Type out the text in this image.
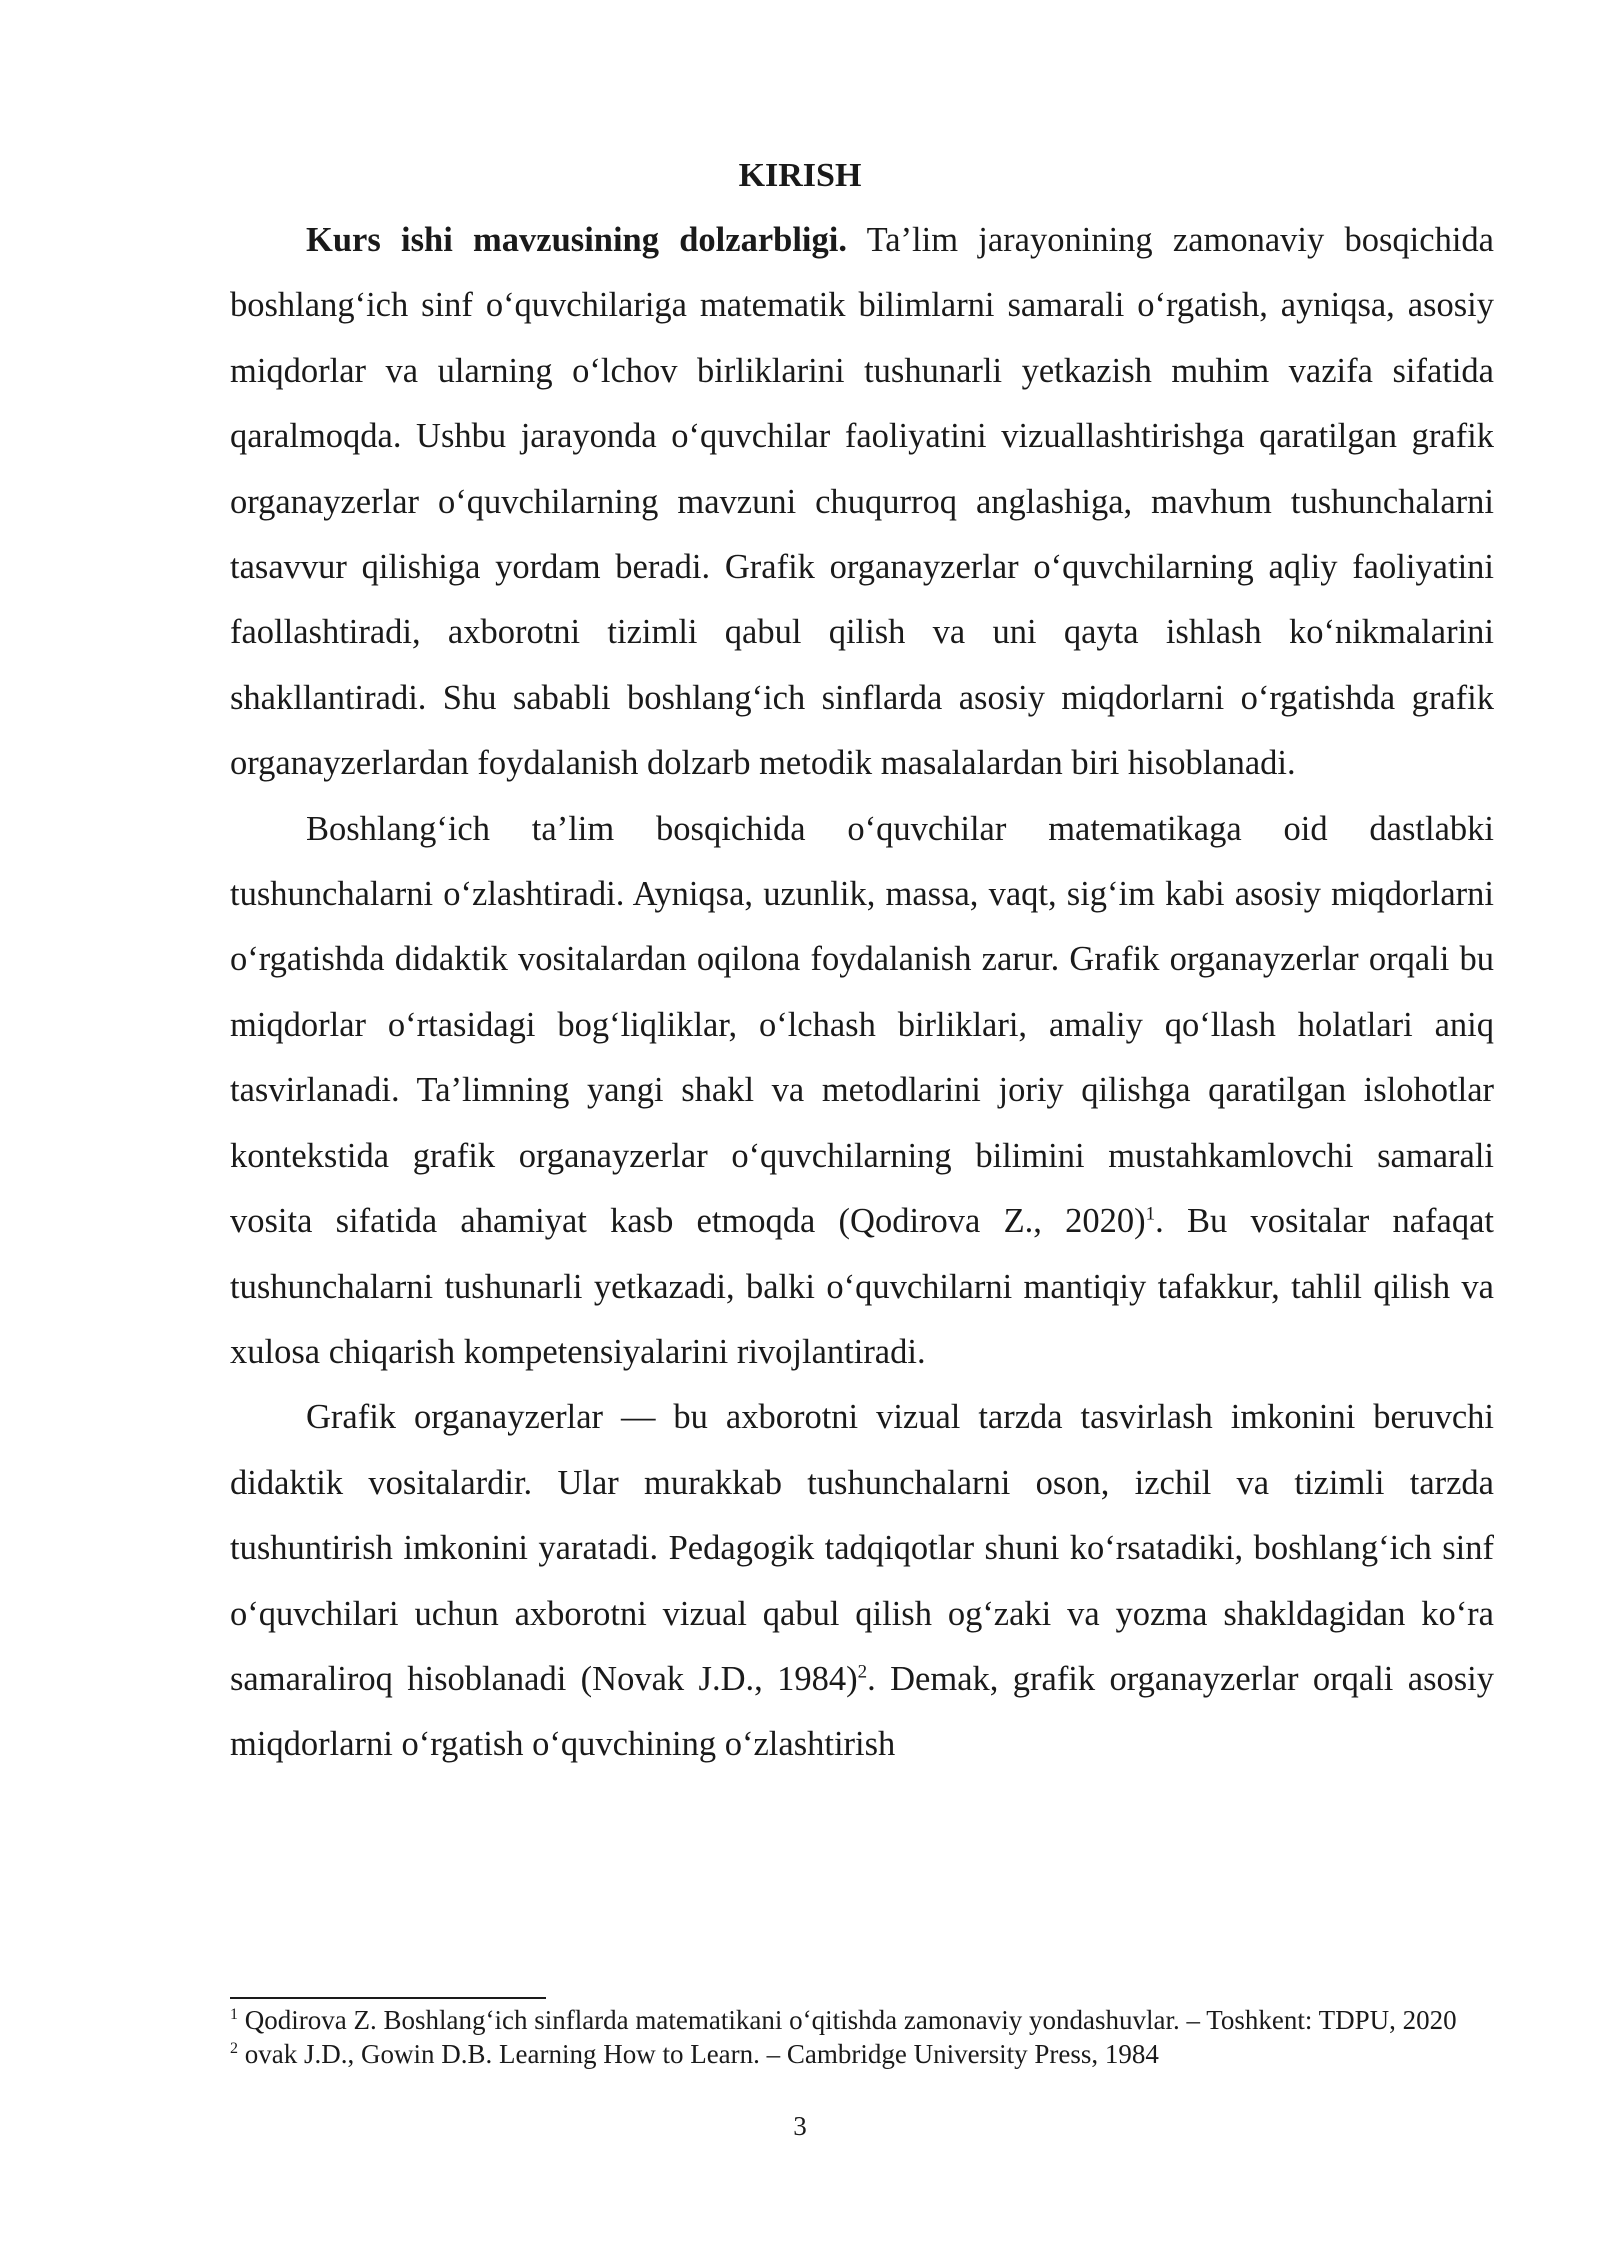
KIRISH

Kurs ishi mavzusining dolzarbligi. Ta’lim jarayonining zamonaviy bosqichida boshlang‘ich sinf o‘quvchilariga matematik bilimlarni samarali o‘rgatish, ayniqsa, asosiy miqdorlar va ularning o‘lchov birliklarini tushunarli yetkazish muhim vazifa sifatida qaralmoqda. Ushbu jarayonda o‘quvchilar faoliyatini vizuallashtirishga qaratilgan grafik organayzerlar o‘quvchilarning mavzuni chuqurroq anglashiga, mavhum tushunchalarni tasavvur qilishiga yordam beradi. Grafik organayzerlar o‘quvchilarning aqliy faoliyatini faollashtiradi, axborotni tizimli qabul qilish va uni qayta ishlash ko‘nikmalarini shakllantiradi. Shu sababli boshlang‘ich sinflarda asosiy miqdorlarni o‘rgatishda grafik organayzerlardan foydalanish dolzarb metodik masalalardan biri hisoblanadi.

Boshlang‘ich ta’lim bosqichida o‘quvchilar matematikaga oid dastlabki tushunchalarni o‘zlashtiradi. Ayniqsa, uzunlik, massa, vaqt, sig‘im kabi asosiy miqdorlarni o‘rgatishda didaktik vositalardan oqilona foydalanish zarur. Grafik organayzerlar orqali bu miqdorlar o‘rtasidagi bog‘liqliklar, o‘lchash birliklari, amaliy qo‘llash holatlari aniq tasvirlanadi. Ta’limning yangi shakl va metodlarini joriy qilishga qaratilgan islohotlar kontekstida grafik organayzerlar o‘quvchilarning bilimini mustahkamlovchi samarali vosita sifatida ahamiyat kasb etmoqda (Qodirova Z., 2020)$^1$. Bu vositalar nafaqat tushunchalarni tushunarli yetkazadi, balki o‘quvchilarni mantiqiy tafakkur, tahlil qilish va xulosa chiqarish kompetensiyalarini rivojlantiradi.

Grafik organayzerlar — bu axborotni vizual tarzda tasvirlash imkonini beruvchi didaktik vositalardir. Ular murakkab tushunchalarni oson, izchil va tizimli tarzda tushuntirish imkonini yaratadi. Pedagogik tadqiqotlar shuni ko‘rsatadiki, boshlang‘ich sinf o‘quvchilari uchun axborotni vizual qabul qilish og‘zaki va yozma shakldagidan ko‘ra samaraliroq hisoblanadi (Novak J.D., 1984)$^2$. Demak, grafik organayzerlar orqali asosiy miqdorlarni o‘rgatish o‘quvchining o‘zlashtirish

$^1$ Qodirova Z. Boshlang‘ich sinflarda matematikani o‘qitishda zamonaviy yondashuvlar. – Toshkent: TDPU, 2020

$^2$ ovak J.D., Gowin D.B. Learning How to Learn. – Cambridge University Press, 1984

3
